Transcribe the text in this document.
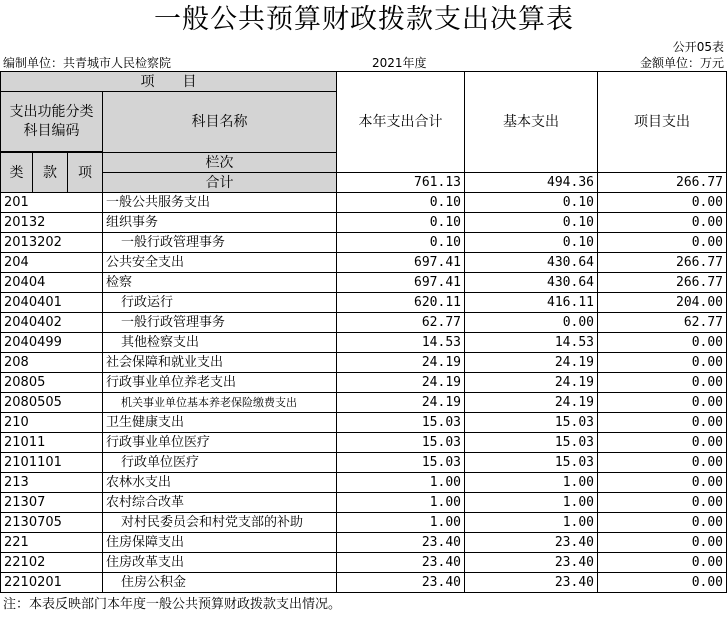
一般公共预算财政拨款支出决算表
公开05表
编制单位：共青城市人民检察院	2021年度	金额单位：万元
项　　目				本年支出合计	基本支出	项目支出	
支出功能分类科目编码			科目名称				

类	款	项	栏次			
			合计	761.13	494.36	266.77	
201			一般公共服务支出	0.10	0.10	0.00	
20132			组织事务	0.10	0.10	0.00	
2013202			一般行政管理事务	0.10	0.10	0.00	
204			公共安全支出	697.41	430.64	266.77	
20404			检察	697.41	430.64	266.77	
2040401			行政运行	620.11	416.11	204.00	
2040402			一般行政管理事务	62.77	0.00	62.77	
2040499			其他检察支出	14.53	14.53	0.00	
208			社会保障和就业支出	24.19	24.19	0.00	
20805			行政事业单位养老支出	24.19	24.19	0.00	
2080505			机关事业单位基本养老保险缴费支出	24.19	24.19	0.00	
210			卫生健康支出	15.03	15.03	0.00	
21011			行政事业单位医疗	15.03	15.03	0.00	
2101101			行政单位医疗	15.03	15.03	0.00	
213			农林水支出	1.00	1.00	0.00	
21307			农村综合改革	1.00	1.00	0.00	
2130705			对村民委员会和村党支部的补助	1.00	1.00	0.00	
221			住房保障支出	23.40	23.40	0.00	
22102			住房改革支出	23.40	23.40	0.00	
2210201			住房公积金	23.40	23.40	0.00	
注：本表反映部门本年度一般公共预算财政拨款支出情况。
